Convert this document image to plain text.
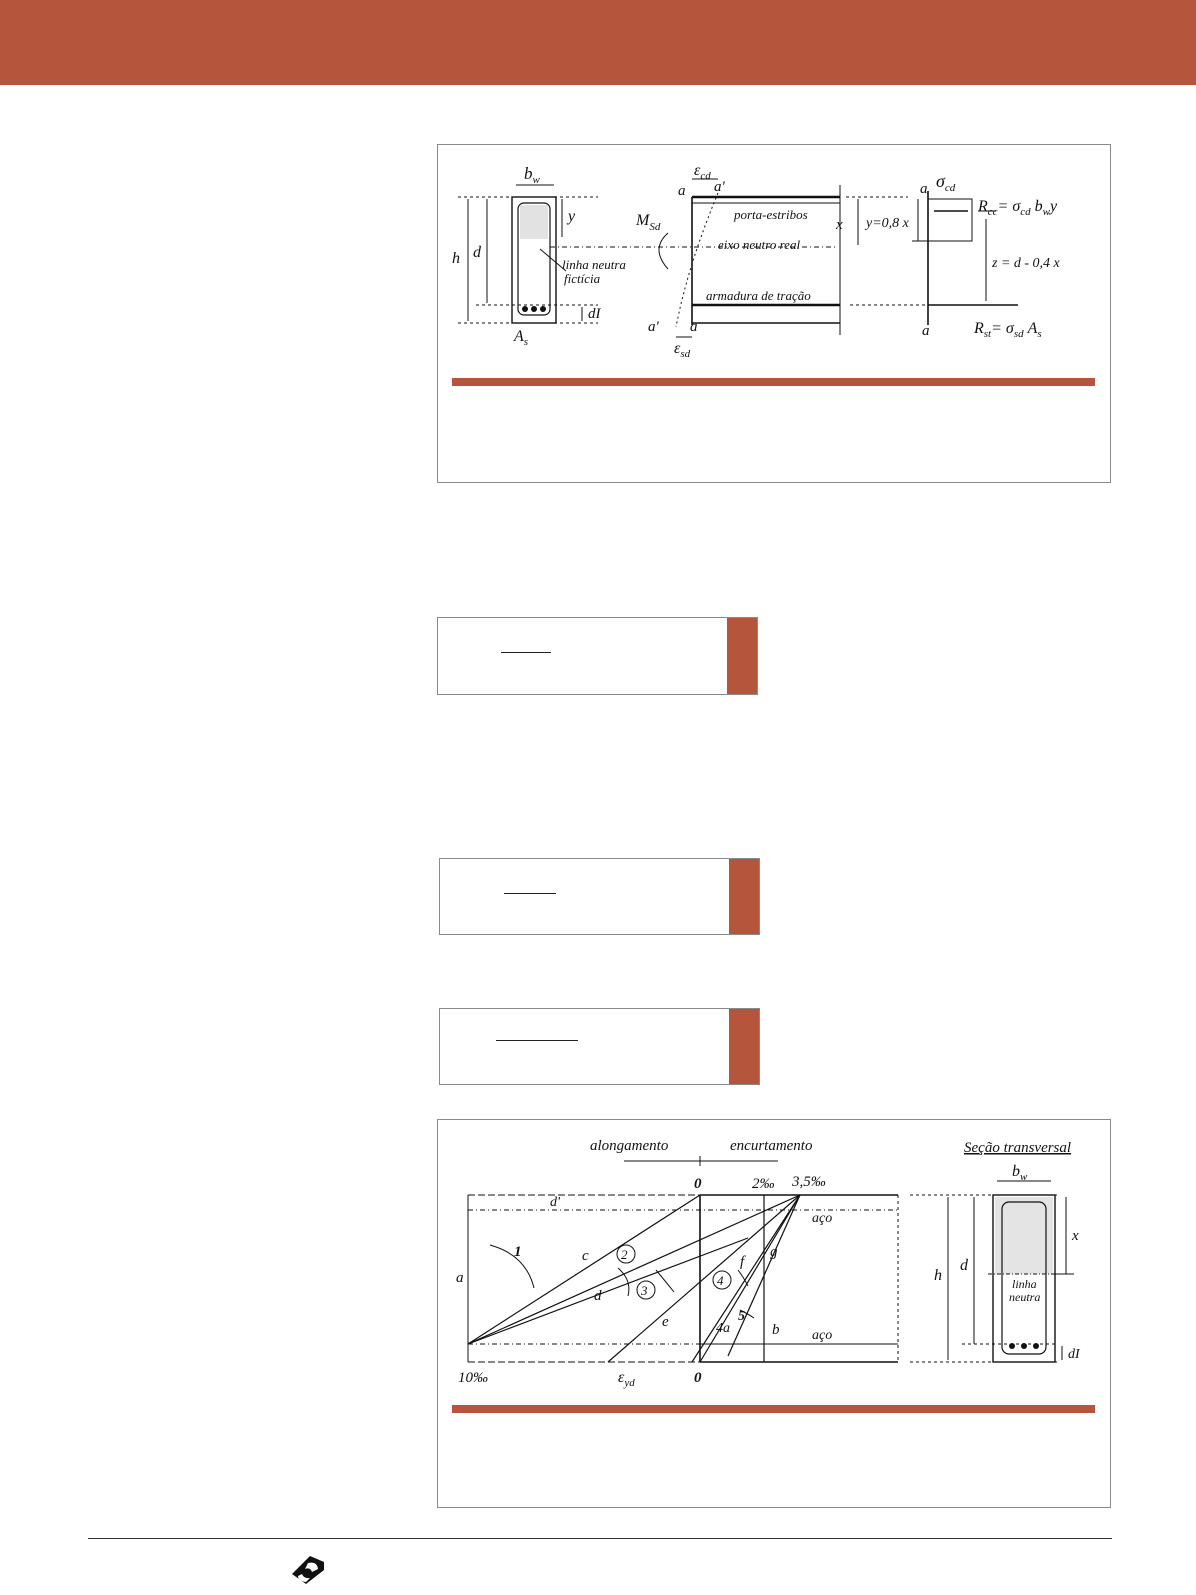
$b_w$
y
h d
dI
linha neutra
fictícia
$A_s$
$\varepsilon_{cd}$
a a'
$M_{Sd}$
porta-estribos
eixo neutro real
armadura de tração
a' a
$\varepsilon_{sd}$
x y=0,8 x
a $\sigma_{cd}$
$R_{cc}= \sigma_{cd}$ $b_wy$
z = d - 0,4 x
a	$R_{st}= \sigma_{sd}$ $A_s$
alongamento	encurtamento	Seção transversal
0	2‰ 3,5‰
d'
aço
aço
1
a
c
d
2
3
4
4a
5
e
f
g
b
10‰	$\varepsilon_{yd}$	0
h
d
x
$b_w$
linha
neutra
dI
